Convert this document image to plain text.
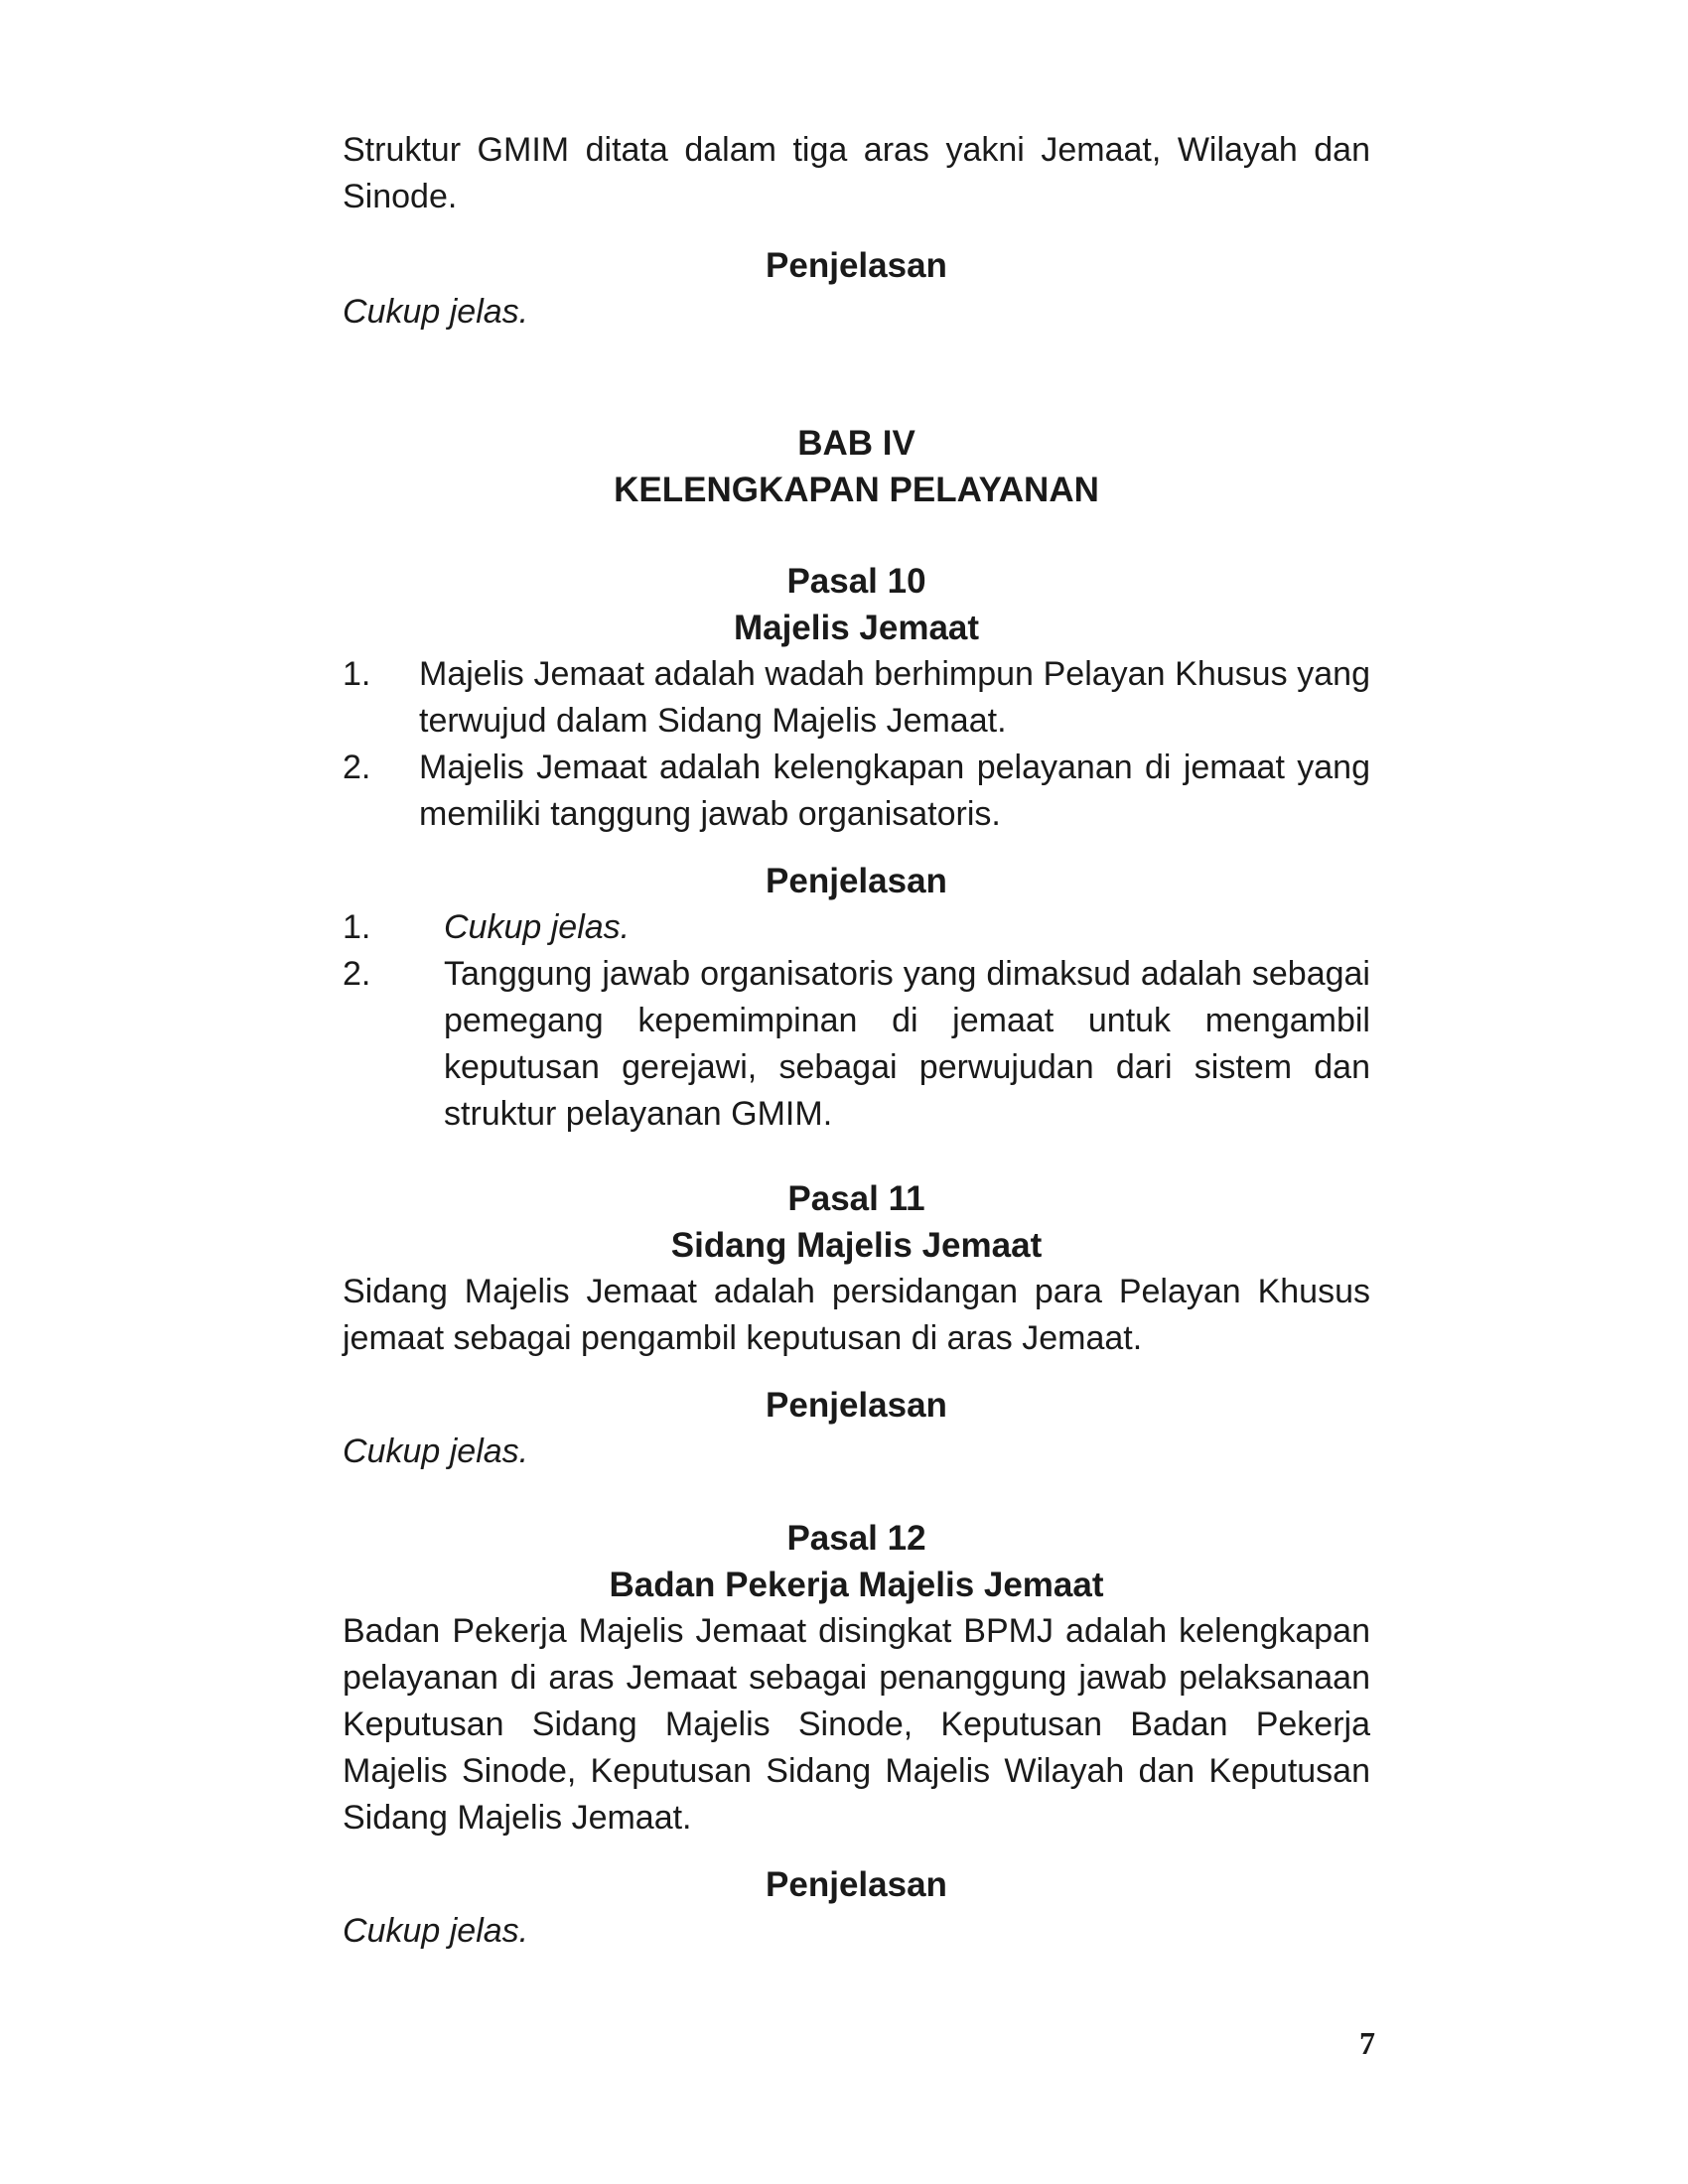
Struktur GMIM ditata dalam tiga aras yakni Jemaat, Wilayah dan Sinode.

Penjelasan

Cukup jelas.

BAB IV

KELENGKAPAN PELAYANAN

Pasal 10

Majelis Jemaat

1.	Majelis Jemaat adalah wadah berhimpun Pelayan Khusus yang terwujud dalam Sidang Majelis Jemaat.
2.	Majelis Jemaat adalah kelengkapan pelayanan di jemaat yang memiliki tanggung jawab organisatoris.

Penjelasan

1.	Cukup jelas.
2.	Tanggung jawab organisatoris yang dimaksud adalah sebagai pemegang kepemimpinan di jemaat untuk mengambil keputusan gerejawi, sebagai perwujudan dari sistem dan struktur pelayanan GMIM.

Pasal 11

Sidang Majelis Jemaat

Sidang Majelis Jemaat adalah persidangan para Pelayan Khusus jemaat sebagai pengambil keputusan di aras Jemaat.

Penjelasan

Cukup jelas.

Pasal 12

Badan Pekerja Majelis Jemaat

Badan Pekerja Majelis Jemaat disingkat BPMJ adalah kelengkapan pelayanan di aras Jemaat sebagai penanggung jawab pelaksanaan Keputusan Sidang Majelis Sinode, Keputusan Badan Pekerja Majelis Sinode, Keputusan Sidang Majelis Wilayah dan Keputusan Sidang Majelis Jemaat.

Penjelasan

Cukup jelas.

7
